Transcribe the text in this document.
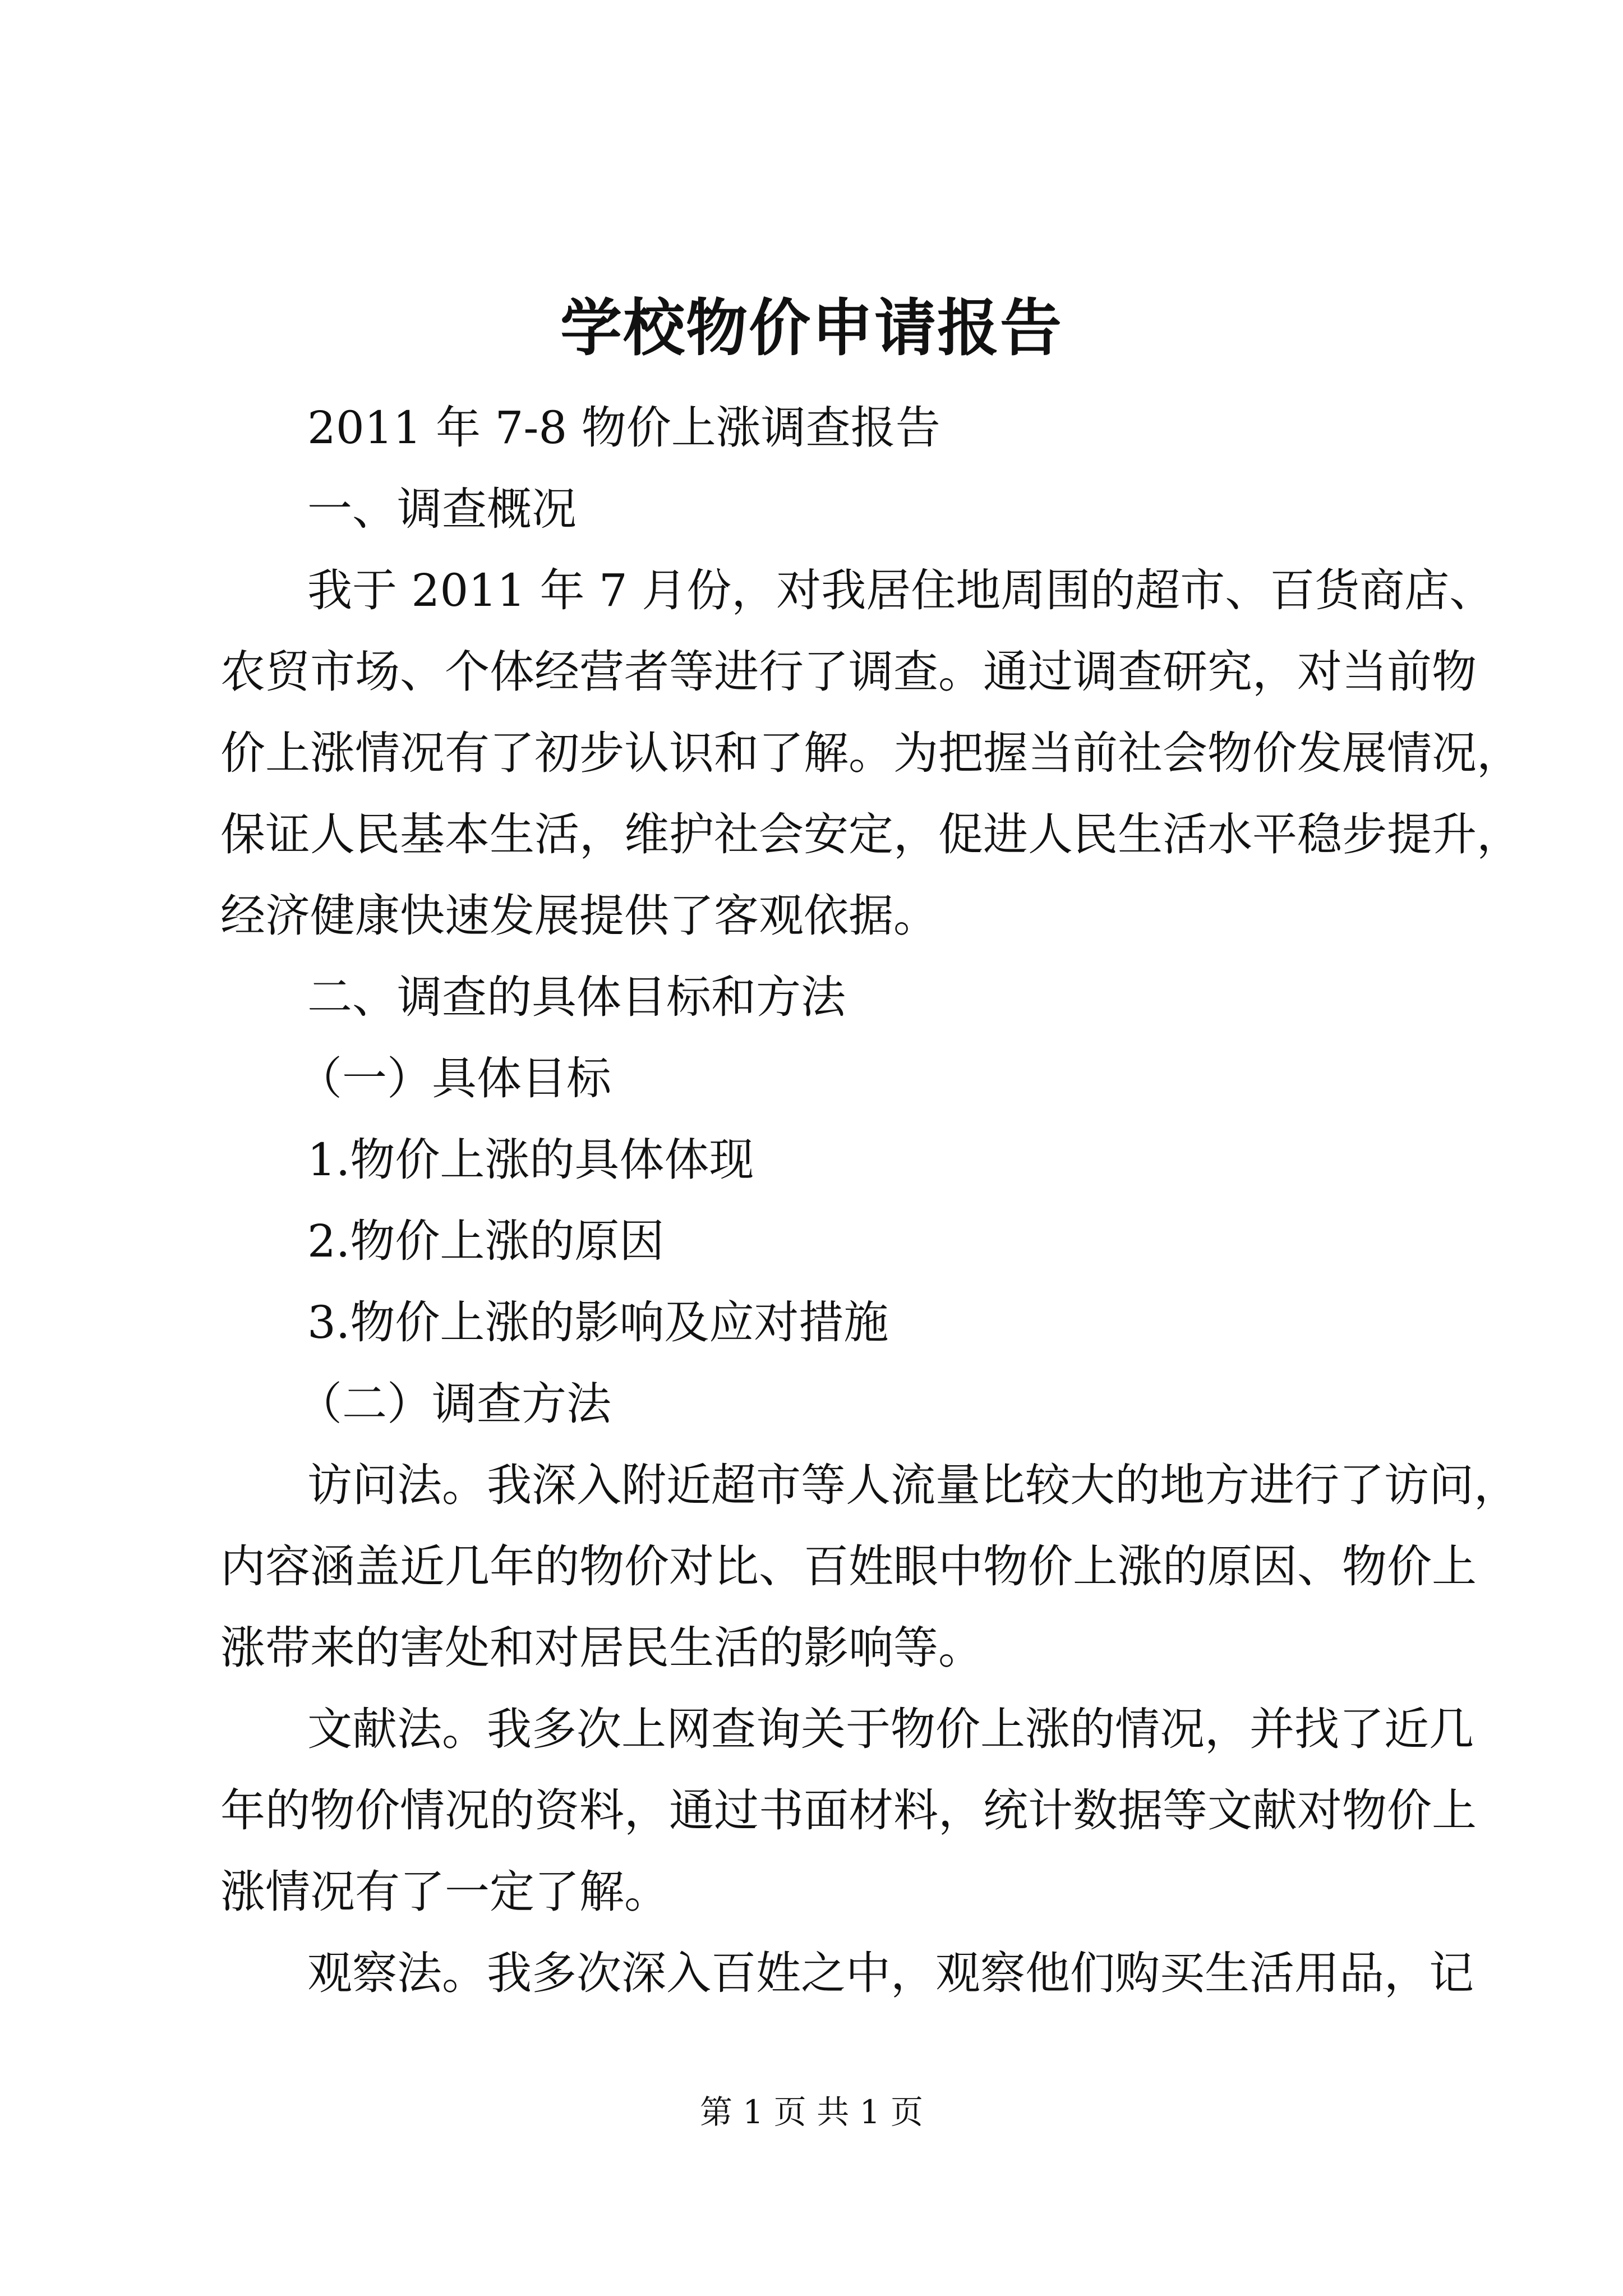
学校物价申请报告
2011 年 7-8 物价上涨调查报告
一、调查概况
我于 2011 年 7 月份，对我居住地周围的超市、百货商店、
农贸市场、个体经营者等进行了调查。通过调查研究，对当前物
价上涨情况有了初步认识和了解。为把握当前社会物价发展情况，
保证人民基本生活，维护社会安定，促进人民生活水平稳步提升，
经济健康快速发展提供了客观依据。
二、调查的具体目标和方法
（一）具体目标
1.物价上涨的具体体现
2.物价上涨的原因
3.物价上涨的影响及应对措施
（二）调查方法
访问法。我深入附近超市等人流量比较大的地方进行了访问，
内容涵盖近几年的物价对比、百姓眼中物价上涨的原因、物价上
涨带来的害处和对居民生活的影响等。
文献法。我多次上网查询关于物价上涨的情况，并找了近几
年的物价情况的资料，通过书面材料，统计数据等文献对物价上
涨情况有了一定了解。
观察法。我多次深入百姓之中，观察他们购买生活用品，记
第 1 页 共 1 页
